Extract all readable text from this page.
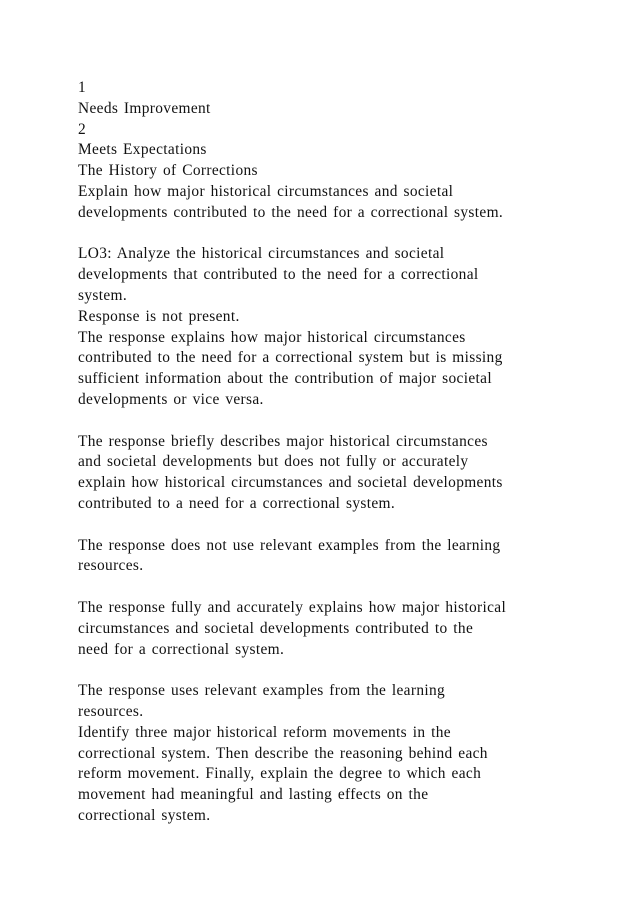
1
Needs Improvement
2
Meets Expectations
The History of Corrections
Explain how major historical circumstances and societal
developments contributed to the need for a correctional system.
LO3: Analyze the historical circumstances and societal
developments that contributed to the need for a correctional
system.
Response is not present.
The response explains how major historical circumstances
contributed to the need for a correctional system but is missing
sufficient information about the contribution of major societal
developments or vice versa.
The response briefly describes major historical circumstances
and societal developments but does not fully or accurately
explain how historical circumstances and societal developments
contributed to a need for a correctional system.
The response does not use relevant examples from the learning
resources.
The response fully and accurately explains how major historical
circumstances and societal developments contributed to the
need for a correctional system.
The response uses relevant examples from the learning
resources.
Identify three major historical reform movements in the
correctional system. Then describe the reasoning behind each
reform movement. Finally, explain the degree to which each
movement had meaningful and lasting effects on the
correctional system.
